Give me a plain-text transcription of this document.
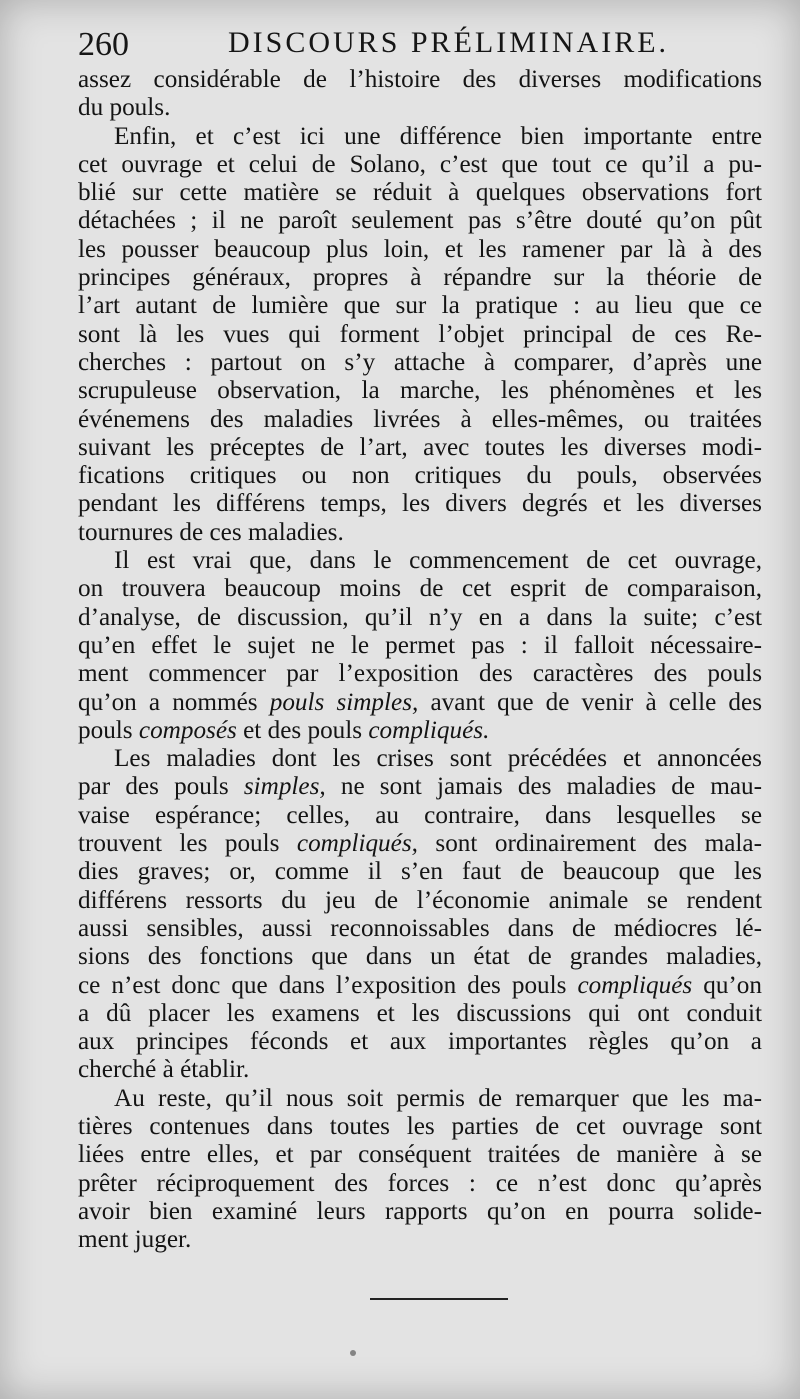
260	DISCOURS PRÉLIMINAIRE.
assez considérable de l’histoire des diverses modifications
du pouls.
Enfin, et c’est ici une différence bien importante entre
cet ouvrage et celui de Solano, c’est que tout ce qu’il a pu-
blié sur cette matière se réduit à quelques observations fort
détachées ; il ne paroît seulement pas s’être douté qu’on pût
les pousser beaucoup plus loin, et les ramener par là à des
principes généraux, propres à répandre sur la théorie de
l’art autant de lumière que sur la pratique : au lieu que ce
sont là les vues qui forment l’objet principal de ces Re-
cherches : partout on s’y attache à comparer, d’après une
scrupuleuse observation, la marche, les phénomènes et les
événemens des maladies livrées à elles-mêmes, ou traitées
suivant les préceptes de l’art, avec toutes les diverses modi-
fications critiques ou non critiques du pouls, observées
pendant les différens temps, les divers degrés et les diverses
tournures de ces maladies.
Il est vrai que, dans le commencement de cet ouvrage,
on trouvera beaucoup moins de cet esprit de comparaison,
d’analyse, de discussion, qu’il n’y en a dans la suite; c’est
qu’en effet le sujet ne le permet pas : il falloit nécessaire-
ment commencer par l’exposition des caractères des pouls
qu’on a nommés pouls simples, avant que de venir à celle des
pouls composés et des pouls compliqués.
Les maladies dont les crises sont précédées et annoncées
par des pouls simples, ne sont jamais des maladies de mau-
vaise espérance; celles, au contraire, dans lesquelles se
trouvent les pouls compliqués, sont ordinairement des mala-
dies graves; or, comme il s’en faut de beaucoup que les
différens ressorts du jeu de l’économie animale se rendent
aussi sensibles, aussi reconnoissables dans de médiocres lé-
sions des fonctions que dans un état de grandes maladies,
ce n’est donc que dans l’exposition des pouls compliqués qu’on
a dû placer les examens et les discussions qui ont conduit
aux principes féconds et aux importantes règles qu’on a
cherché à établir.
Au reste, qu’il nous soit permis de remarquer que les ma-
tières contenues dans toutes les parties de cet ouvrage sont
liées entre elles, et par conséquent traitées de manière à se
prêter réciproquement des forces : ce n’est donc qu’après
avoir bien examiné leurs rapports qu’on en pourra solide-
ment juger.
